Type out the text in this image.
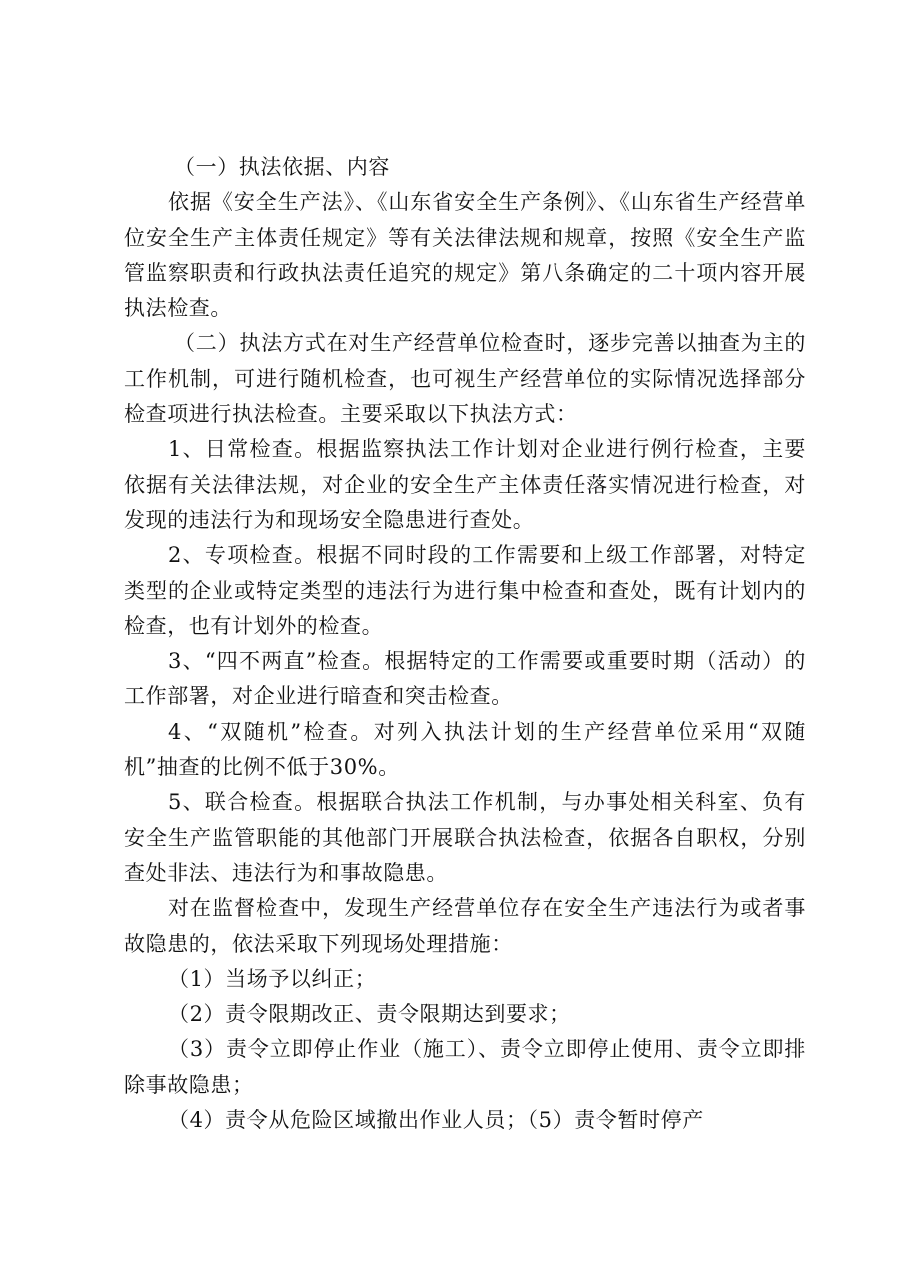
（一）执法依据、内容

依据《安全生产法》、《山东省安全生产条例》、《山东省生产经营单位安全生产主体责任规定》等有关法律法规和规章，按照《安全生产监管监察职责和行政执法责任追究的规定》第八条确定的二十项内容开展执法检查。

（二）执法方式在对生产经营单位检查时，逐步完善以抽查为主的工作机制，可进行随机检查，也可视生产经营单位的实际情况选择部分检查项进行执法检查。主要采取以下执法方式：

1、日常检查。根据监察执法工作计划对企业进行例行检查，主要依据有关法律法规，对企业的安全生产主体责任落实情况进行检查，对发现的违法行为和现场安全隐患进行查处。

2、专项检查。根据不同时段的工作需要和上级工作部署，对特定类型的企业或特定类型的违法行为进行集中检查和查处，既有计划内的检查，也有计划外的检查。

3、“四不两直”检查。根据特定的工作需要或重要时期（活动）的工作部署，对企业进行暗查和突击检查。

4、“双随机”检查。对列入执法计划的生产经营单位采用“双随机”抽查的比例不低于30%。

5、联合检查。根据联合执法工作机制，与办事处相关科室、负有安全生产监管职能的其他部门开展联合执法检查，依据各自职权，分别查处非法、违法行为和事故隐患。

对在监督检查中，发现生产经营单位存在安全生产违法行为或者事故隐患的，依法采取下列现场处理措施：

（1）当场予以纠正；

（2）责令限期改正、责令限期达到要求；

（3）责令立即停止作业（施工）、责令立即停止使用、责令立即排除事故隐患；

（4）责令从危险区域撤出作业人员；（5）责令暂时停产
